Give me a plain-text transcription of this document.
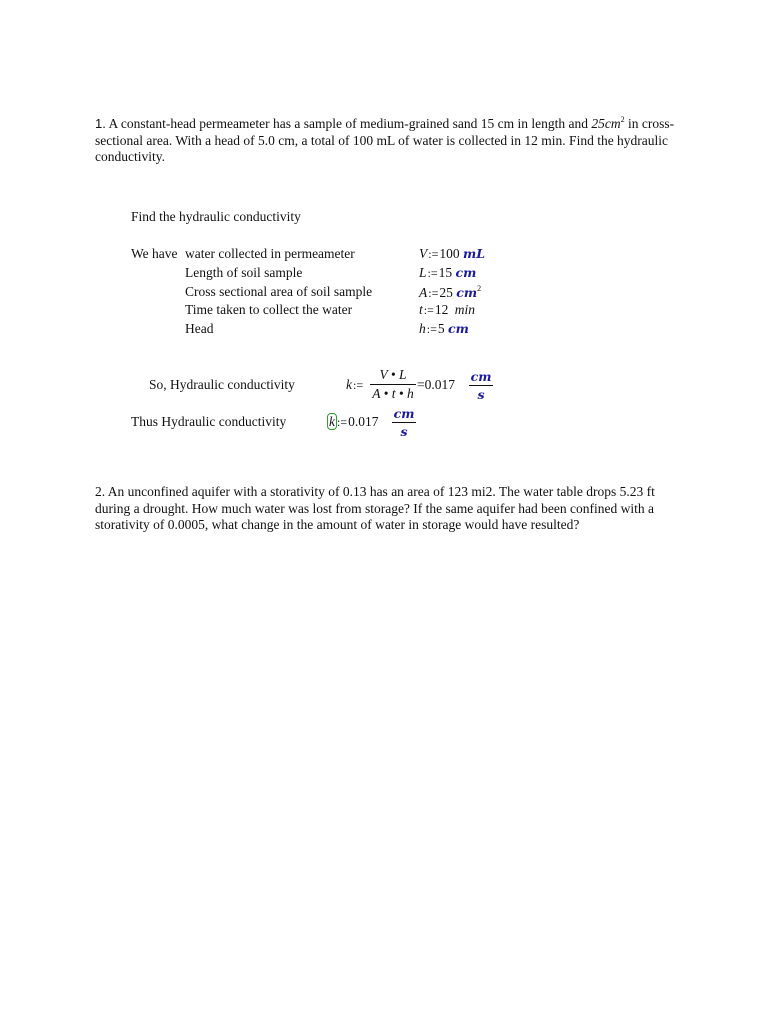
1. A constant-head permeameter has a sample of medium-grained sand 15 cm in length and $25cm^2$ in cross-sectional area. With a head of 5.0 cm, a total of 100 mL of water is collected in 12 min. Find the hydraulic conductivity.
Find the hydraulic conductivity
We have water collected in permeameter
Length of soil sample
Cross sectional area of soil sample
Time taken to collect the water
Head
V:=100 mL
L:=15 cm
A:=25 $cm^2$
t:=12 min
h:=5 cm
So, Hydraulic conductivity	k:=
V • L
A • t • h
=0.017
cm
s
Thus Hydraulic conductivity	k :=0.017
cm
s
2. An unconfined aquifer with a storativity of 0.13 has an area of 123 mi2. The water table drops 5.23 ft during a drought. How much water was lost from storage? If the same aquifer had been confined with a storativity of 0.0005, what change in the amount of water in storage would have resulted?
